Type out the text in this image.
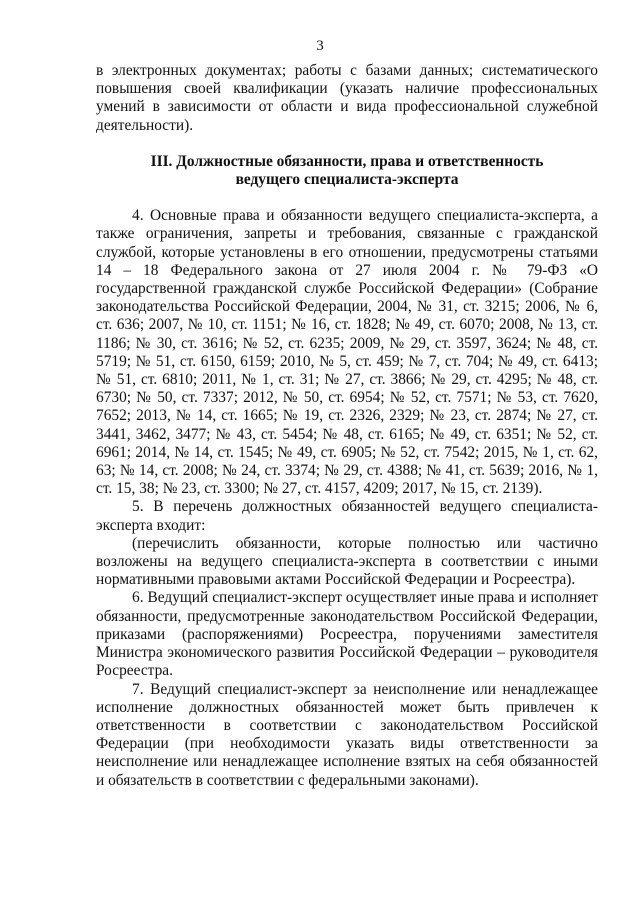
3

в электронных документах; работы с базами данных; систематического повышения своей квалификации (указать наличие профессиональных умений в зависимости от области и вида профессиональной служебной деятельности).

III. Должностные обязанности, права и ответственность
ведущего специалиста-эксперта

4. Основные права и обязанности ведущего специалиста-эксперта, а также ограничения, запреты и требования, связанные с гражданской службой, которые установлены в его отношении, предусмотрены статьями 14 – 18 Федерального закона от 27 июля 2004 г. № 79-ФЗ «О государственной гражданской службе Российской Федерации» (Собрание законодательства Российской Федерации, 2004, № 31, ст. 3215; 2006, № 6, ст. 636; 2007, № 10, ст. 1151; № 16, ст. 1828; № 49, ст. 6070; 2008, № 13, ст. 1186; № 30, ст. 3616; № 52, ст. 6235; 2009, № 29, ст. 3597, 3624; № 48, ст. 5719; № 51, ст. 6150, 6159; 2010, № 5, ст. 459; № 7, ст. 704; № 49, ст. 6413; № 51, ст. 6810; 2011, № 1, ст. 31; № 27, ст. 3866; № 29, ст. 4295; № 48, ст. 6730; № 50, ст. 7337; 2012, № 50, ст. 6954; № 52, ст. 7571; № 53, ст. 7620, 7652; 2013, № 14, ст. 1665; № 19, ст. 2326, 2329; № 23, ст. 2874; № 27, ст. 3441, 3462, 3477; № 43, ст. 5454; № 48, ст. 6165; № 49, ст. 6351; № 52, ст. 6961; 2014, № 14, ст. 1545; № 49, ст. 6905; № 52, ст. 7542; 2015, № 1, ст. 62, 63; № 14, ст. 2008; № 24, ст. 3374; № 29, ст. 4388; № 41, ст. 5639; 2016, № 1, ст. 15, 38; № 23, ст. 3300; № 27, ст. 4157, 4209; 2017, № 15, ст. 2139).

5. В перечень должностных обязанностей ведущего специалиста-эксперта входит:

(перечислить обязанности, которые полностью или частично возложены на ведущего специалиста-эксперта в соответствии с иными нормативными правовыми актами Российской Федерации и Росреестра).

6. Ведущий специалист-эксперт осуществляет иные права и исполняет обязанности, предусмотренные законодательством Российской Федерации, приказами (распоряжениями) Росреестра, поручениями заместителя Министра экономического развития Российской Федерации – руководителя Росреестра.

7. Ведущий специалист-эксперт за неисполнение или ненадлежащее исполнение должностных обязанностей может быть привлечен к ответственности в соответствии с законодательством Российской Федерации (при необходимости указать виды ответственности за неисполнение или ненадлежащее исполнение взятых на себя обязанностей и обязательств в соответствии с федеральными законами).
